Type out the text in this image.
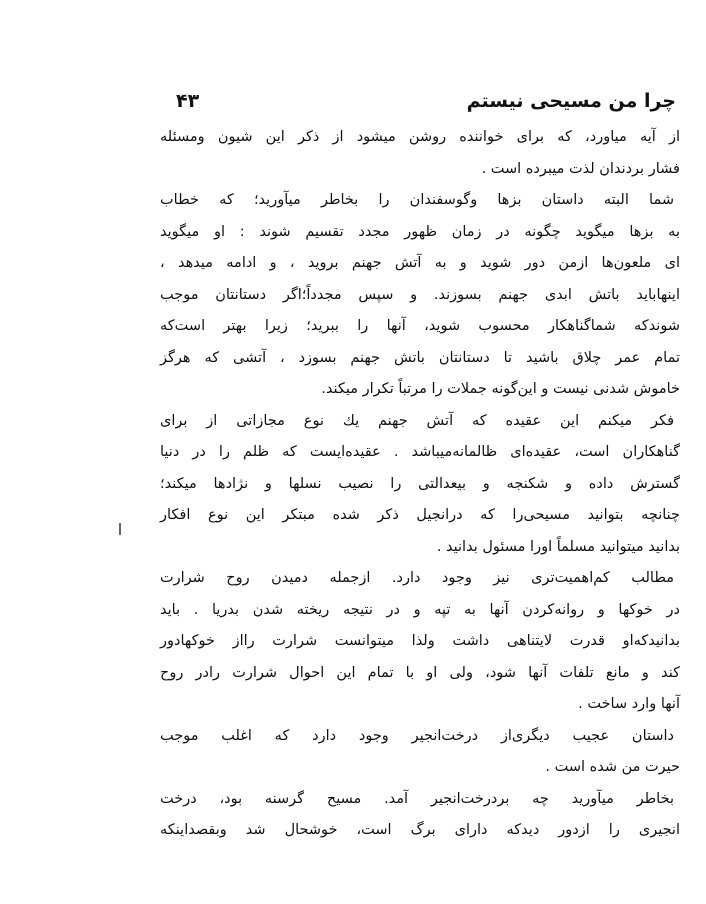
چرا من مسیحی نیستم
۴۳
از آیه میاورد، که برای خواننده روشن میشود از ذکر این شیون ومسئله
فشار بردندان لذت میبرده است .
شما البته داستان بزها وگوسفندان را بخاطر میآورید؛ که خطاب
به بزها میگوید چگونه در زمان ظهور مجدد تقسیم شوند : او میگوید
ای ملعون‌ها ازمن دور شوید و به آتش جهنم بروید ، و ادامه میدهد ،
اینهاباید باتش ابدی جهنم بسوزند. و سپس مجدداً؛اگر دستانتان موجب
شوندکه شماگناهکار محسوب شوید، آنها را ببرید؛ زیرا بهتر است‌که
تمام عمر چلاق باشید تا دستانتان باتش جهنم بسوزد ، آتشی که هرگز
خاموش شدنی نیست و این‌گونه جملات را مرتباً تکرار میکند.
فکر میکنم این عقیده که آتش جهنم یك نوع مجازاتی از برای
گناهکاران است، عقیده‌ای ظالمانه‌میباشد . عقیده‌ایست که ظلم را در دنیا
گسترش داده و شکنجه و بیعدالتی را نصیب نسلها و نژادها میکند؛
چنانچه بتوانید مسیحی‌را که در‌انجیل ذکر شده مبتکر این نوع افکار
بدانید میتوانید مسلماً اورا مسئول بدانید .
مطالب کم‌اهمیت‌تری نیز وجود دارد. ازجمله دمیدن روح شرارت
در خوکها و روانه‌کردن آنها به تپه و در نتیجه ریخته شدن بدریا . باید
بدانیدکه‌او قدرت لایتناهی داشت ولذا میتوانست شرارت رااز خوکها‌دور
کند و مانع تلفات آنها شود، ولی او با تمام این احوال شرارت رادر روح
آنها وارد ساخت .
داستان عجیب دیگری‌از درخت‌انجیر وجود دارد که اغلب موجب
حیرت من شده است .
بخاطر میآورید چه بردرخت‌انجیر آمد. مسیح گرسنه بود، درخت
انجیری را ازدور دیدکه دارای برگ است، خوشحال شد وبقصداینکه
